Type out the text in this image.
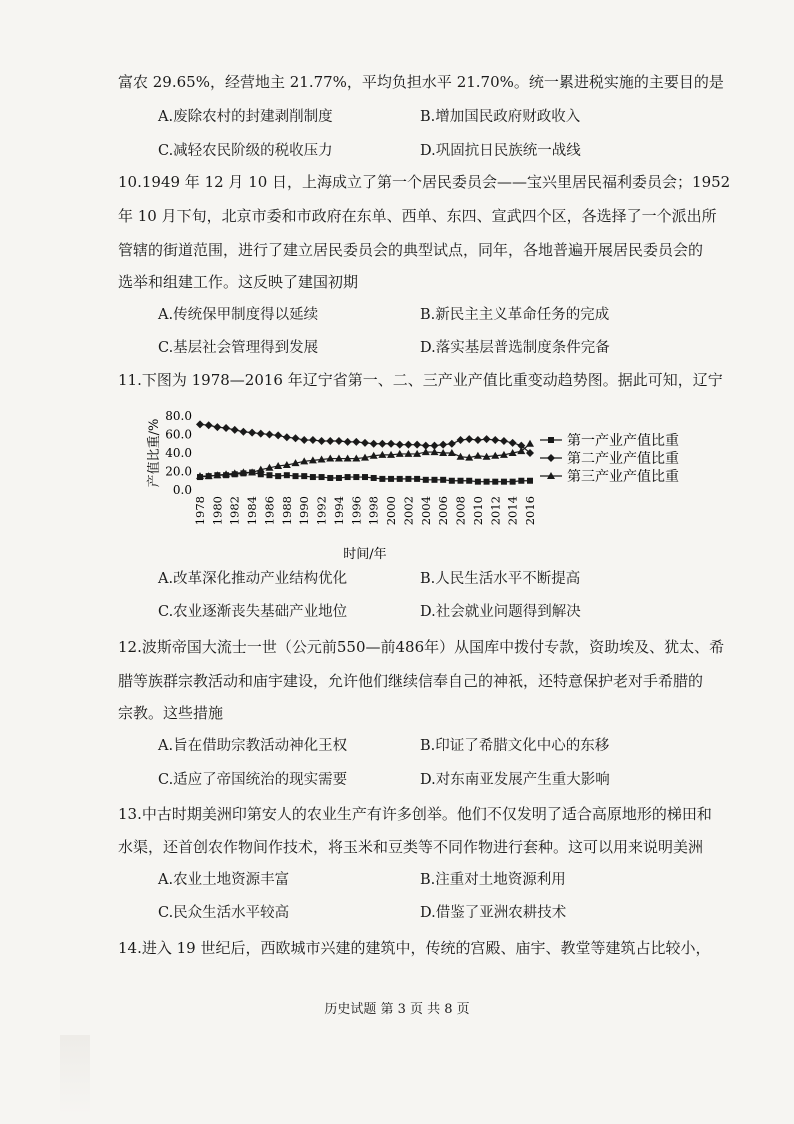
富农 29.65%，经营地主 21.77%，平均负担水平 21.70%。统一累进税实施的主要目的是
A.废除农村的封建剥削制度	B.增加国民政府财政收入
C.减轻农民阶级的税收压力	D.巩固抗日民族统一战线
10.1949 年 12 月 10 日，上海成立了第一个居民委员会——宝兴里居民福利委员会；1952
年 10 月下旬，北京市委和市政府在东单、西单、东四、宣武四个区，各选择了一个派出所
管辖的街道范围，进行了建立居民委员会的典型试点，同年，各地普遍开展居民委员会的
选举和组建工作。这反映了建国初期
A.传统保甲制度得以延续	B.新民主主义革命任务的完成
C.基层社会管理得到发展	D.落实基层普选制度条件完备
11.下图为 1978—2016 年辽宁省第一、二、三产业产值比重变动趋势图。据此可知，辽宁
产值比重/%
0.0
20.0
40.0
60.0
80.0
1978 1980 1982 1984 1986 1988 1990 1992 1994 1996 1998 2000 2002 2004 2006 2008 2010 2012 2014 2016
时间/年
第一产业产值比重
第二产业产值比重
第三产业产值比重
A.改革深化推动产业结构优化	B.人民生活水平不断提高
C.农业逐渐丧失基础产业地位	D.社会就业问题得到解决
12.波斯帝国大流士一世（公元前550—前486年）从国库中拨付专款，资助埃及、犹太、希
腊等族群宗教活动和庙宇建设，允许他们继续信奉自己的神祇，还特意保护老对手希腊的
宗教。这些措施
A.旨在借助宗教活动神化王权	B.印证了希腊文化中心的东移
C.适应了帝国统治的现实需要	D.对东南亚发展产生重大影响
13.中古时期美洲印第安人的农业生产有许多创举。他们不仅发明了适合高原地形的梯田和
水渠，还首创农作物间作技术，将玉米和豆类等不同作物进行套种。这可以用来说明美洲
A.农业土地资源丰富	B.注重对土地资源利用
C.民众生活水平较高	D.借鉴了亚洲农耕技术
14.进入 19 世纪后，西欧城市兴建的建筑中，传统的宫殿、庙宇、教堂等建筑占比较小，
历史试题 第 3 页 共 8 页
